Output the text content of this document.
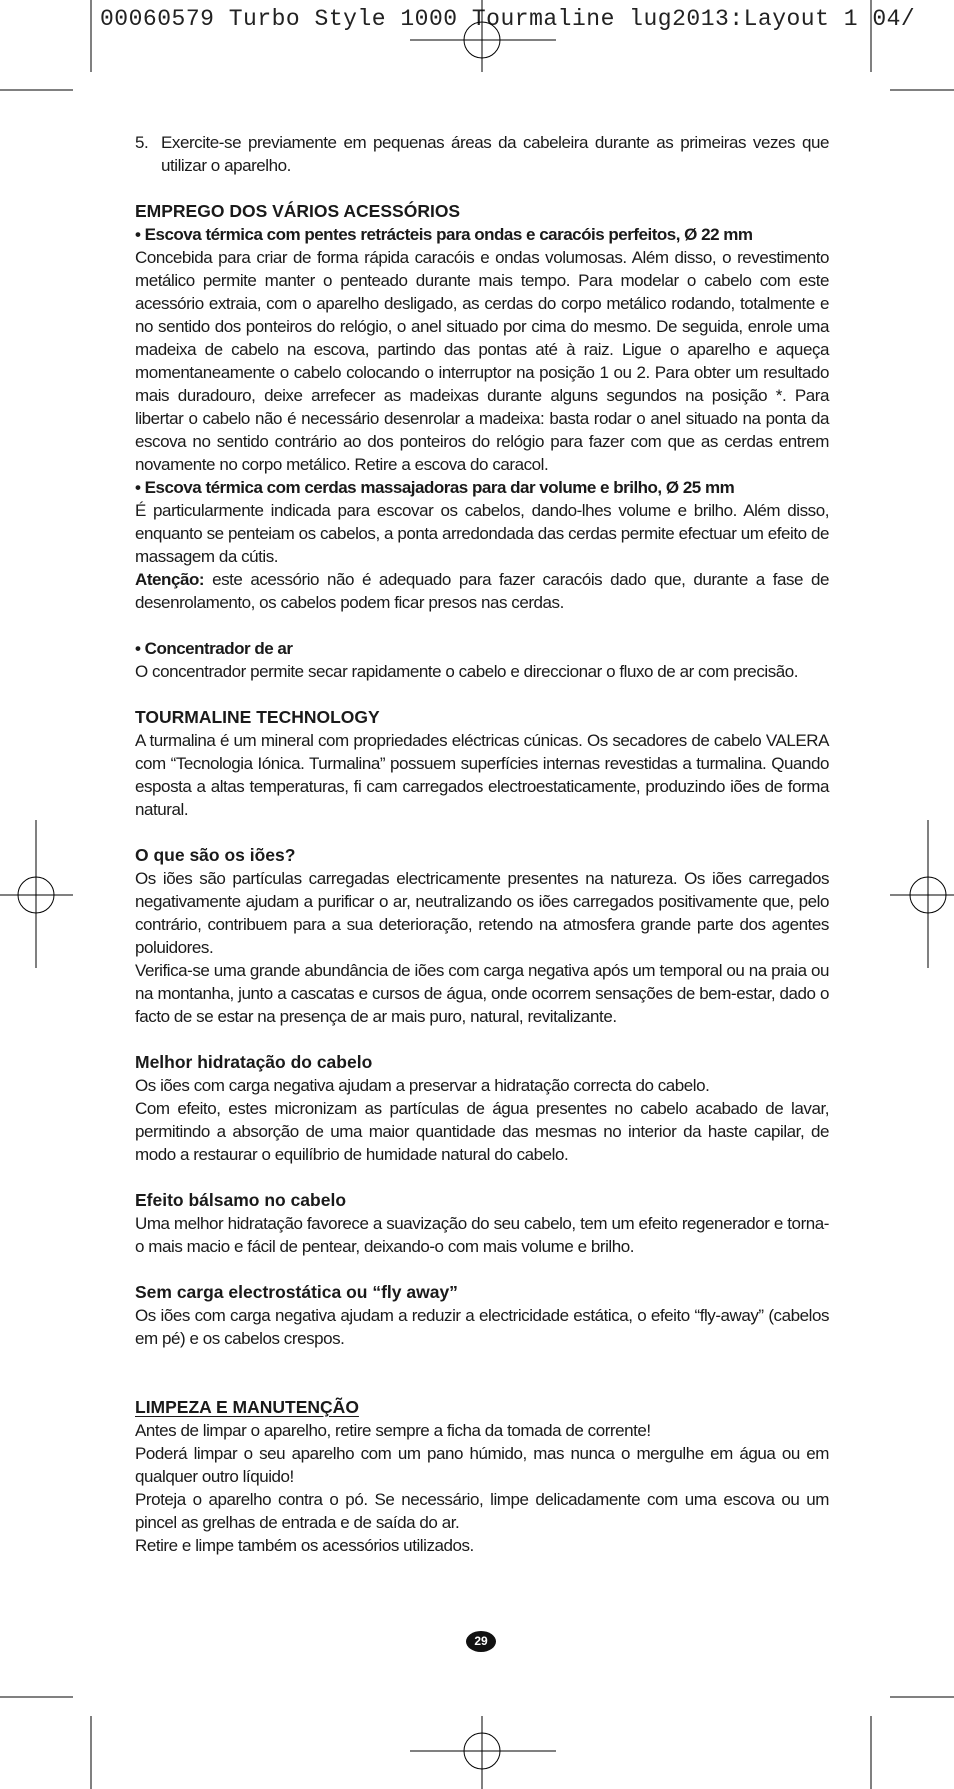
00060579 Turbo Style 1000 Tourmaline lug2013:Layout 1 04/
5. Exercite-se previamente em pequenas áreas da cabeleira durante as primeiras vezes que utilizar o aparelho.
EMPREGO DOS VÁRIOS ACESSÓRIOS

• Escova térmica com pentes retrácteis para ondas e caracóis perfeitos, Ø 22 mm

Concebida para criar de forma rápida caracóis e ondas volumosas. Além disso, o revestimento metálico permite manter o penteado durante mais tempo. Para modelar o cabelo com este acessório extraia, com o aparelho desligado, as cerdas do corpo metálico rodando, totalmente e no sentido dos ponteiros do relógio, o anel situado por cima do mesmo. De seguida, enrole uma madeixa de cabelo na escova, partindo das pontas até à raiz. Ligue o aparelho e aqueça momentaneamente o cabelo colocando o interruptor na posição 1 ou 2. Para obter um resultado mais duradouro, deixe arrefecer as madeixas durante alguns segundos na posição *. Para libertar o cabelo não é necessário desenrolar a madeixa: basta rodar o anel situado na ponta da escova no sentido contrário ao dos ponteiros do relógio para fazer com que as cerdas entrem novamente no corpo metálico. Retire a escova do caracol.

• Escova térmica com cerdas massajadoras para dar volume e brilho, Ø 25 mm

É particularmente indicada para escovar os cabelos, dando-lhes volume e brilho. Além disso, enquanto se penteiam os cabelos, a ponta arredondada das cerdas permite efectuar um efeito de massagem da cútis.

Atenção: este acessório não é adequado para fazer caracóis dado que, durante a fase de desenrolamento, os cabelos podem ficar presos nas cerdas.

• Concentrador de ar

O concentrador permite secar rapidamente o cabelo e direccionar o fluxo de ar com precisão.

TOURMALINE TECHNOLOGY

A turmalina é um mineral com propriedades eléctricas cúnicas. Os secadores de cabelo VALERA com “Tecnologia Iónica. Turmalina” possuem superfícies internas revestidas a turmalina. Quando esposta a altas temperaturas, fi cam carregados electroestaticamente, produzindo iões de forma natural.

O que são os iões?

Os iões são partículas carregadas electricamente presentes na natureza. Os iões carregados negativamente ajudam a purificar o ar, neutralizando os iões carregados positivamente que, pelo contrário, contribuem para a sua deterioração, retendo na atmosfera grande parte dos agentes poluidores.

Verifica-se uma grande abundância de iões com carga negativa após um temporal ou na praia ou na montanha, junto a cascatas e cursos de água, onde ocorrem sensações de bem-estar, dado o facto de se estar na presença de ar mais puro, natural, revitalizante.

Melhor hidratação do cabelo

Os iões com carga negativa ajudam a preservar a hidratação correcta do cabelo.

Com efeito, estes micronizam as partículas de água presentes no cabelo acabado de lavar, permitindo a absorção de uma maior quantidade das mesmas no interior da haste capilar, de modo a restaurar o equilíbrio de humidade natural do cabelo.

Efeito bálsamo no cabelo

Uma melhor hidratação favorece a suavização do seu cabelo, tem um efeito regenerador e torna-o mais macio e fácil de pentear, deixando-o com mais volume e brilho.

Sem carga electrostática ou “fly away”

Os iões com carga negativa ajudam a reduzir a electricidade estática, o efeito “fly-away” (cabelos em pé) e os cabelos crespos.

LIMPEZA E MANUTENÇÃO

Antes de limpar o aparelho, retire sempre a ficha da tomada de corrente!

Poderá limpar o seu aparelho com um pano húmido, mas nunca o mergulhe em água ou em qualquer outro líquido!

Proteja o aparelho contra o pó. Se necessário, limpe delicadamente com uma escova ou um pincel as grelhas de entrada e de saída do ar.

Retire e limpe também os acessórios utilizados.

29
